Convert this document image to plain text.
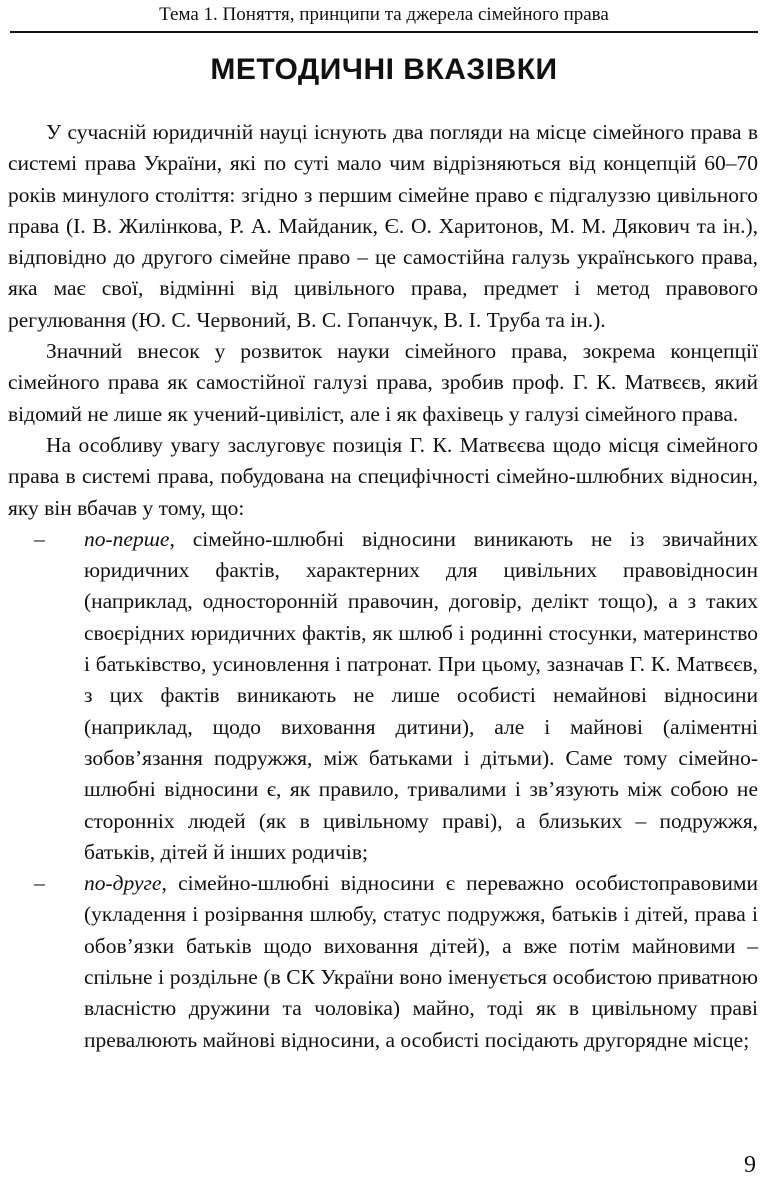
Тема 1. Поняття, принципи та джерела сімейного права
МЕТОДИЧНІ ВКАЗІВКИ

У сучасній юридичній науці існують два погляди на місце сімейного права в системі права України, які по суті мало чим відрізняються від концепцій 60–70 років минулого століття: згідно з першим сімейне право є підгалуззю цивільного права (І. В. Жилінкова, Р. А. Майданик, Є. О. Харитонов, М. М. Дякович та ін.), відповідно до другого сімейне право – це самостійна галузь українського права, яка має свої, відмінні від цивільного права, предмет і метод правового регулювання (Ю. С. Червоний, В. С. Гопанчук, В. І. Труба та ін.).

Значний внесок у розвиток науки сімейного права, зокрема концепції сімейного права як самостійної галузі права, зробив проф. Г. К. Матвєєв, який відомий не лише як учений-цивіліст, але і як фахівець у галузі сімейного права.

На особливу увагу заслуговує позиція Г. К. Матвєєва щодо місця сімейного права в системі права, побудована на специфічності сімейно-шлюбних відносин, яку він вбачав у тому, що:

– по-перше, сімейно-шлюбні відносини виникають не із звичайних юридичних фактів, характерних для цивільних правовідносин (наприклад, односторонній правочин, договір, делікт тощо), а з таких своєрідних юридичних фактів, як шлюб і родинні стосунки, материнство і батьківство, усиновлення і патронат. При цьому, зазначав Г. К. Матвєєв, з цих фактів виникають не лише особисті немайнові відносини (наприклад, щодо виховання дитини), але і майнові (аліментні зобов’язання подружжя, між батьками і дітьми). Саме тому сімейно-шлюбні відносини є, як правило, тривалими і зв’язують між собою не сторонніх людей (як в цивільному праві), а близьких – подружжя, батьків, дітей й інших родичів;
– по-друге, сімейно-шлюбні відносини є переважно особистоправовими (укладення і розірвання шлюбу, статус подружжя, батьків і дітей, права і обов’язки батьків щодо виховання дітей), а вже потім майновими – спільне і роздільне (в СК України воно іменується особистою приватною власністю дружини та чоловіка) майно, тоді як в цивільному праві превалюють майнові відносини, а особисті посідають другорядне місце;
9
